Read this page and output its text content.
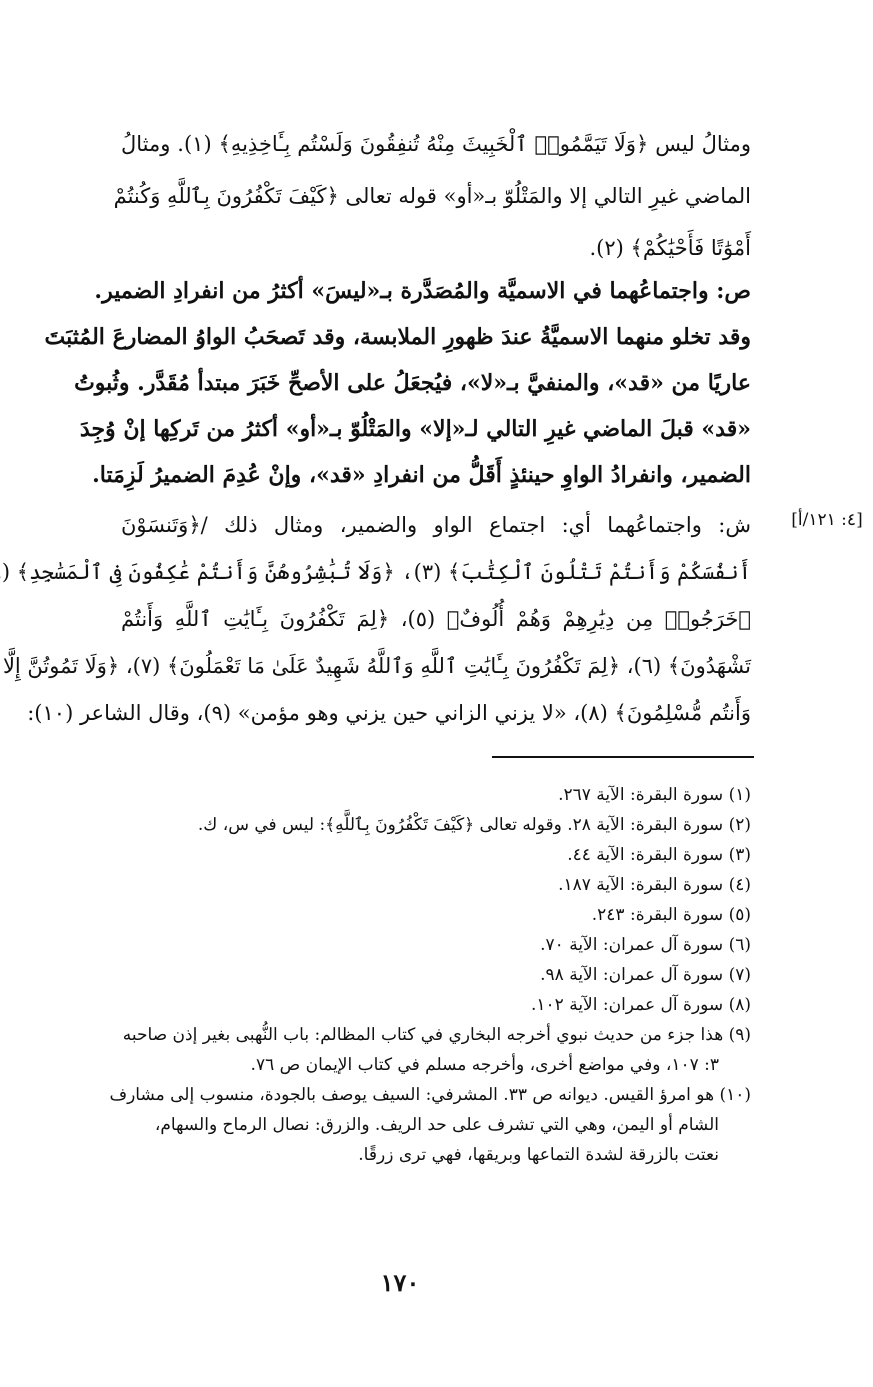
ومثالُ ليس ﴿وَلَا تَيَمَّمُوا۟ ٱلْخَبِيثَ مِنْهُ تُنفِقُونَ وَلَسْتُم بِـَٔاخِذِيهِ﴾ (١). ومثالُ
الماضي غيرِ التالي إلا والمَتْلُوّ بـ«أو» قوله تعالى ﴿كَيْفَ تَكْفُرُونَ بِٱللَّهِ وَكُنتُمْ
أَمْوَٰتًا فَأَحْيَٰكُمْ﴾ (٢).
ص: واجتماعُهما في الاسميَّة والمُصَدَّرة بـ«ليسَ» أكثرُ من انفرادِ الضمير.
وقد تخلو منهما الاسميَّةُ عندَ ظهورِ الملابسة، وقد تَصحَبُ الواوُ المضارعَ المُثبَتَ
عاريًا من «قد»، والمنفيَّ بـ«لا»، فيُجعَلُ على الأصحِّ خَبَرَ مبتدأ مُقَدَّر. وثُبوتُ
«قد» قبلَ الماضي غيرِ التالي لـ«إلا» والمَتْلُوّ بـ«أو» أكثرُ من تَركِها إنْ وُجِدَ
الضمير، وانفرادُ الواوِ حينئذٍ أَقَلُّ من انفرادِ «قد»، وإنْ عُدِمَ الضميرُ لَزِمَتا.
[٤: ١٢١/أ]
ش: واجتماعُهما أي: اجتماع الواو والضمير، ومثال ذلك /﴿وَتَنسَوْنَ
أَنفُسَكُمْ وَأَنتُمْ تَتْلُونَ ٱلْكِتَٰبَ﴾ (٣)، ﴿وَلَا تُبَٰشِرُوهُنَّ وَأَنتُمْ عَٰكِفُونَ فِى ٱلْمَسَٰجِدِ﴾ (
﴿خَرَجُوا۟ مِن دِيَٰرِهِمْ وَهُمْ أُلُوفٌ﴾ (٥)، ﴿لِمَ تَكْفُرُونَ بِـَٔايَٰتِ ٱللَّهِ وَأَنتُمْ
تَشْهَدُونَ﴾ (٦)، ﴿لِمَ تَكْفُرُونَ بِـَٔايَٰتِ ٱللَّهِ وَٱللَّهُ شَهِيدٌ عَلَىٰ مَا تَعْمَلُونَ﴾ (٧)، ﴿وَلَا تَمُوتُنَّ إِلَّا
وَأَنتُم مُّسْلِمُونَ﴾ (٨)، «لا يزني الزاني حين يزني وهو مؤمن» (٩)، وقال الشاعر (١٠):
(١) سورة البقرة: الآية ٢٦٧.
(٢) سورة البقرة: الآية ٢٨. وقوله تعالى ﴿كَيْفَ تَكْفُرُونَ بِٱللَّهِ﴾: ليس في س، ك.
(٣) سورة البقرة: الآية ٤٤.
(٤) سورة البقرة: الآية ١٨٧.
(٥) سورة البقرة: ٢٤٣.
(٦) سورة آل عمران: الآية ٧٠.
(٧) سورة آل عمران: الآية ٩٨.
(٨) سورة آل عمران: الآية ١٠٢.
(٩) هذا جزء من حديث نبوي أخرجه البخاري في كتاب المظالم: باب النُّهبى بغير إذن صاحبه
٣: ١٠٧، وفي مواضع أخرى، وأخرجه مسلم في كتاب الإيمان ص ٧٦.
(١٠) هو امرؤ القيس. ديوانه ص ٣٣. المشرفي: السيف يوصف بالجودة، منسوب إلى مشارف
الشام أو اليمن، وهي التي تشرف على حد الريف. والزرق: نصال الرماح والسهام،
نعتت بالزرقة لشدة التماعها وبريقها، فهي ترى زرقًا.
١٧٠
